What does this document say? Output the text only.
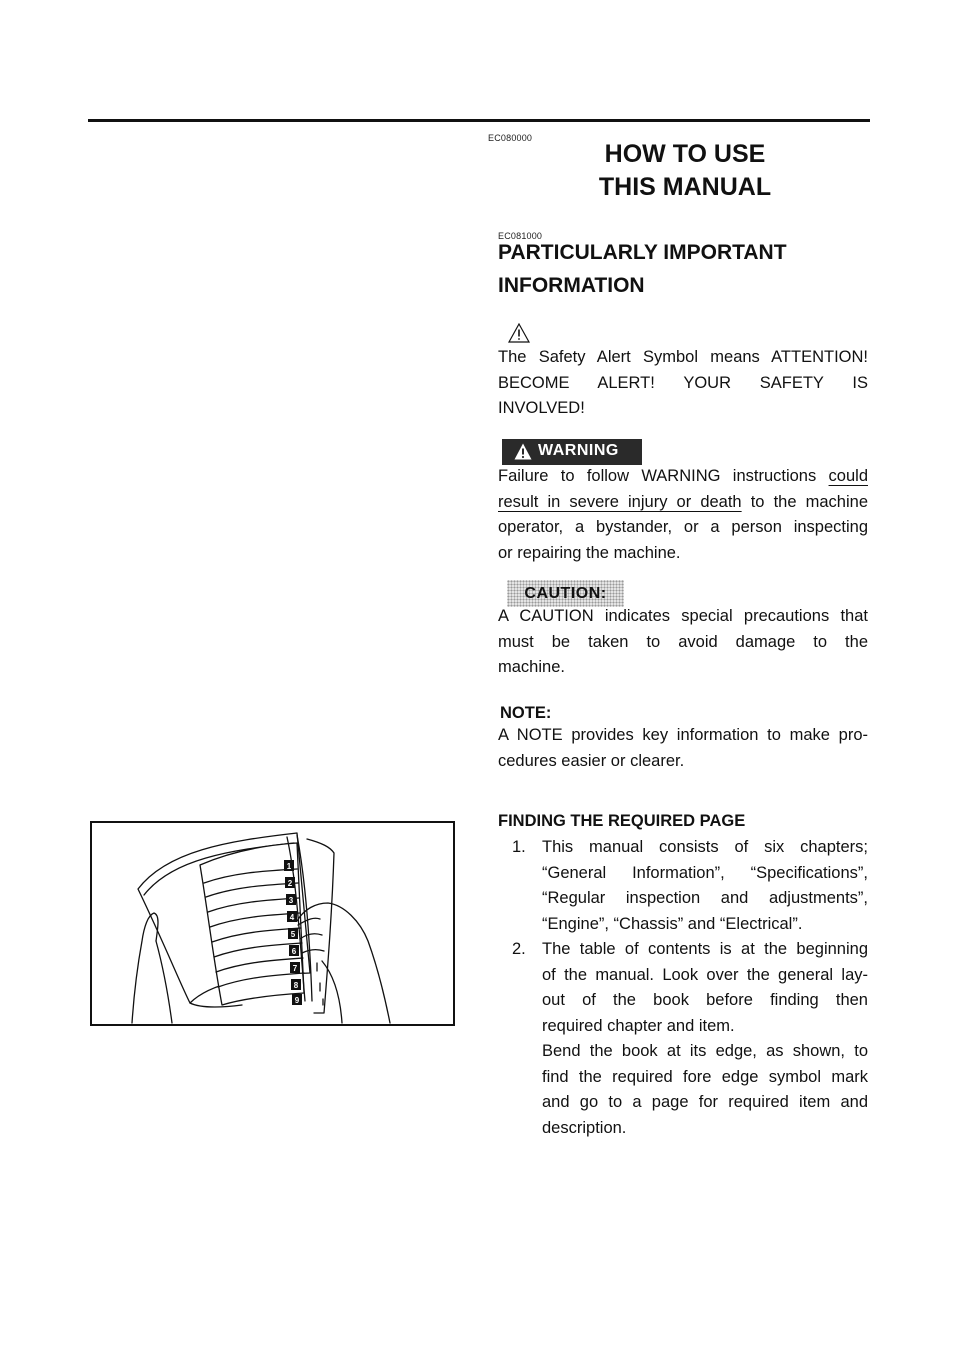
EC080000
HOW TO USE
THIS MANUAL
EC081000
PARTICULARLY IMPORTANT
INFORMATION
The Safety Alert Symbol means ATTENTION!
BECOME ALERT! YOUR SAFETY IS
INVOLVED!
WARNING
Failure to follow WARNING instructions could
result in severe injury or death to the machine
operator, a bystander, or a person inspecting
or repairing the machine.
CAUTION:
A CAUTION indicates special precautions that
must be taken to avoid damage to the
machine.
NOTE:
A NOTE provides key information to make pro-
cedures easier or clearer.
FINDING THE REQUIRED PAGE
1. This manual consists of six chapters;
“General Information”, “Specifications”,
“Regular inspection and adjustments”,
“Engine”, “Chassis” and “Electrical”.
2. The table of contents is at the beginning
of the manual. Look over the general lay-
out of the book before finding then
required chapter and item.
Bend the book at its edge, as shown, to
find the required fore edge symbol mark
and go to a page for required item and
description.
1
2
3
4
5
6
7
8
9
